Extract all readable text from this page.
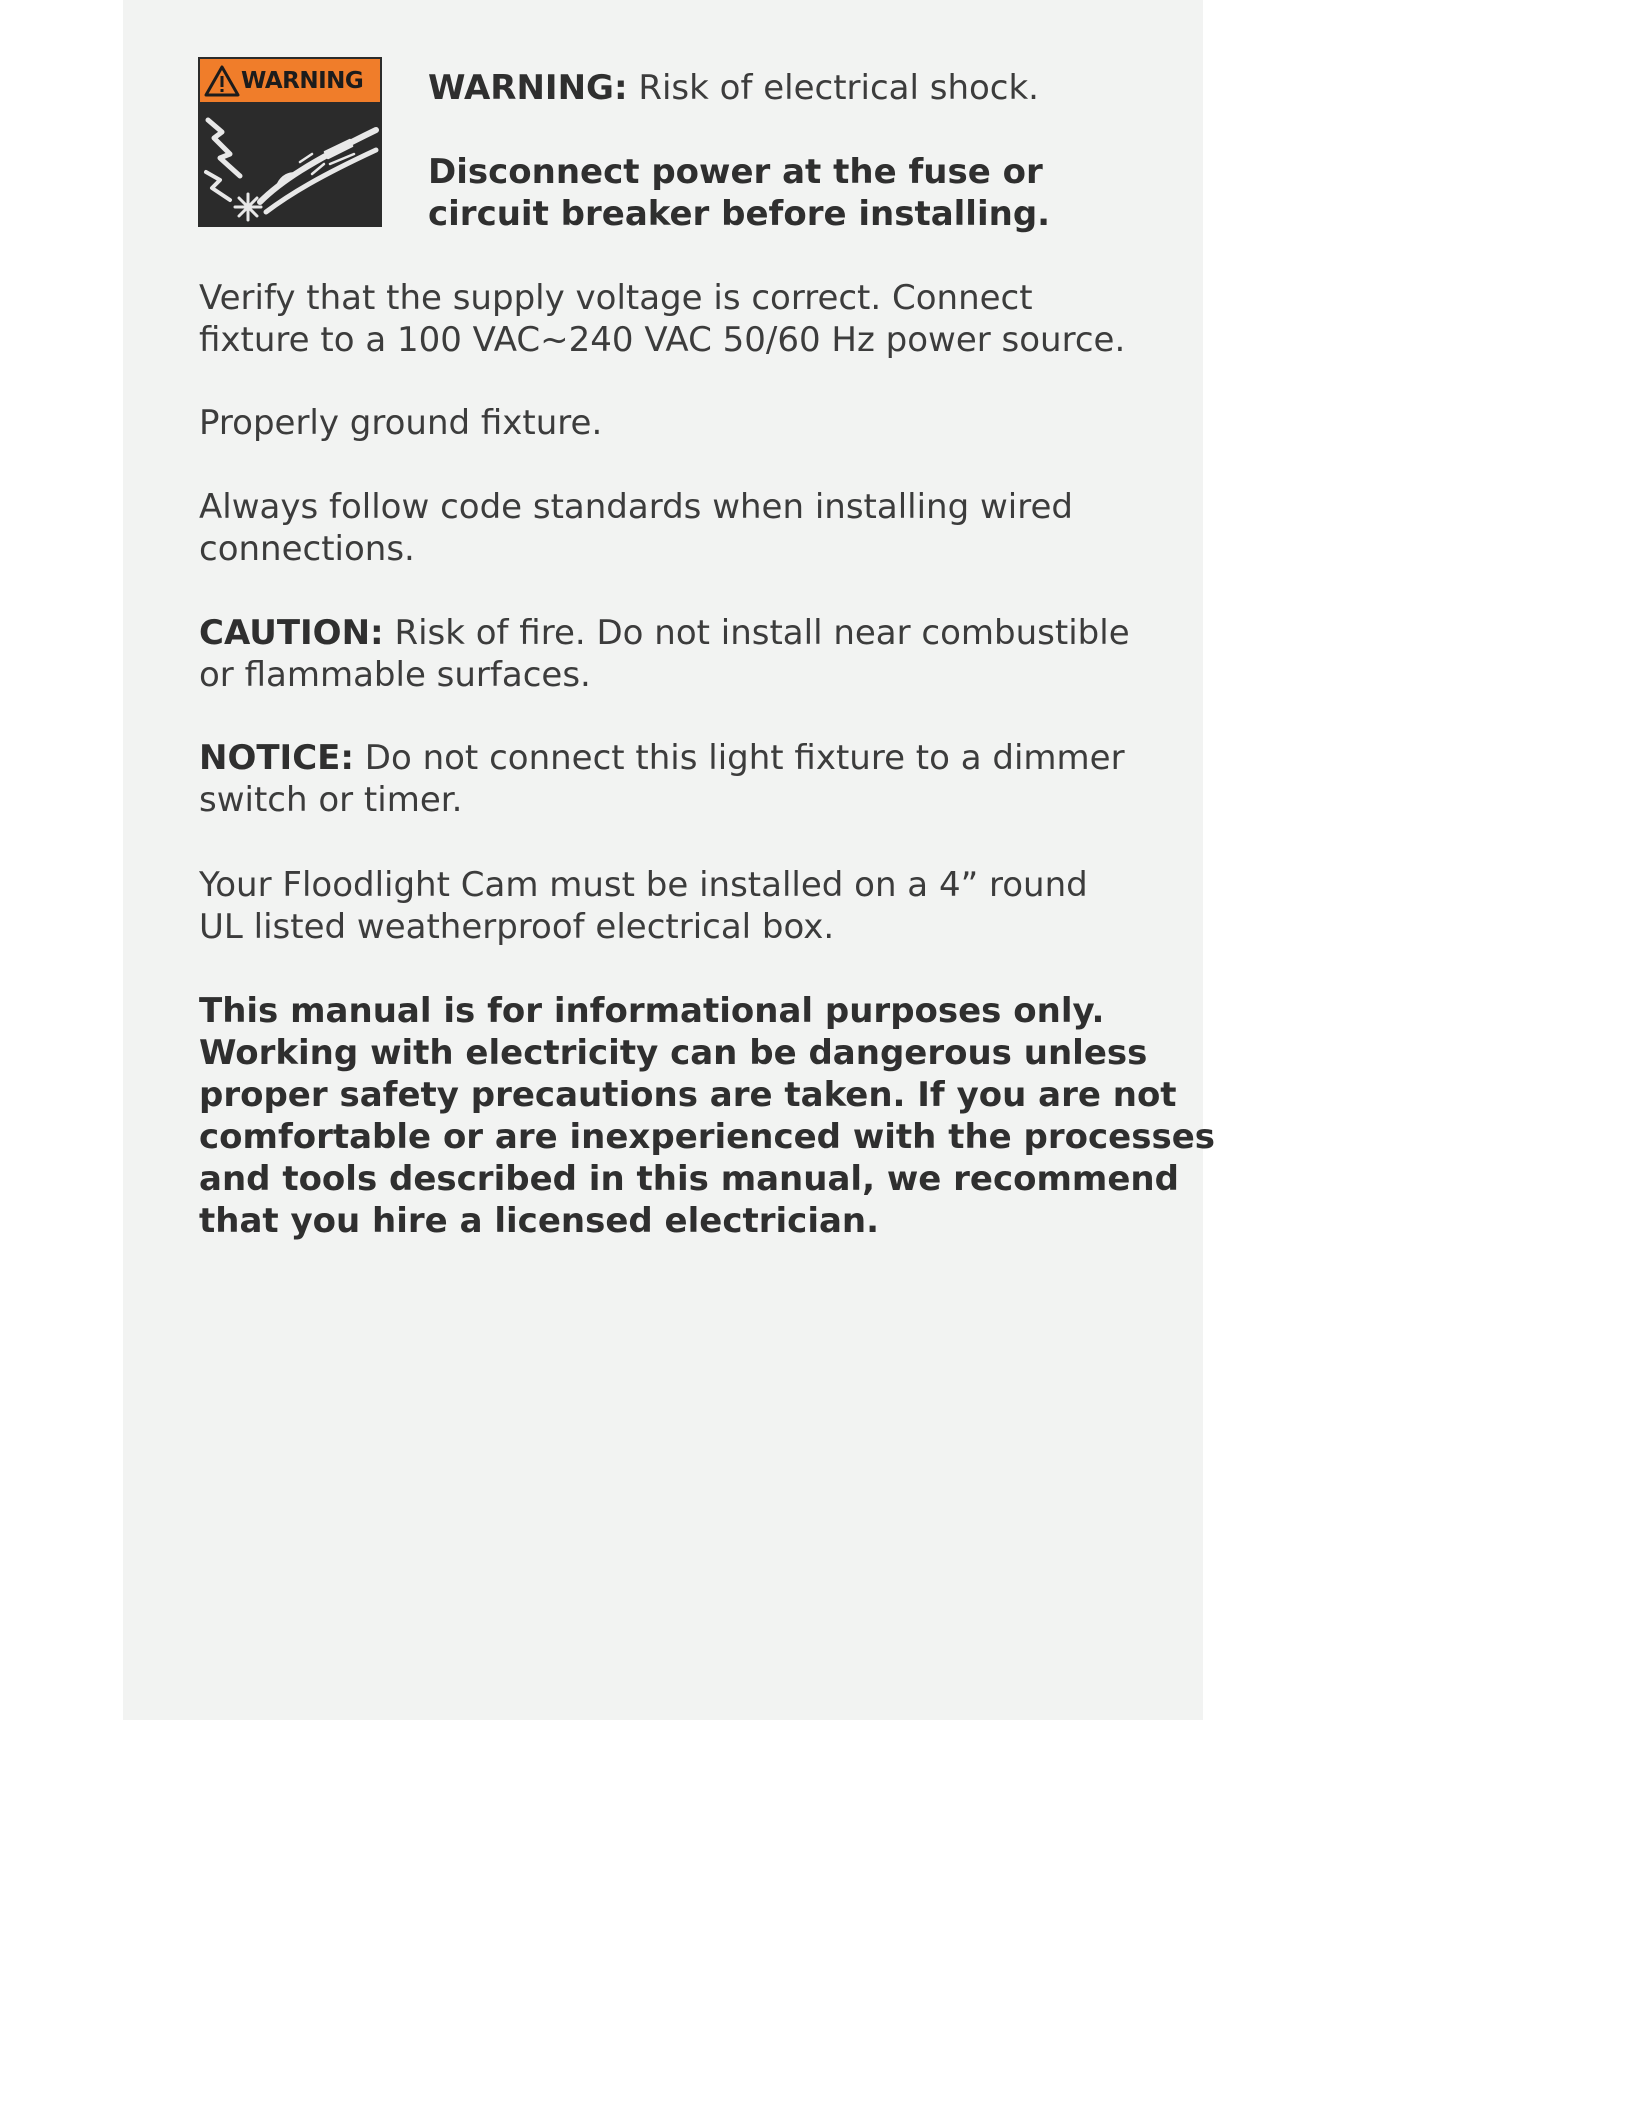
WARNING WARNING: Risk of electrical shock.
Disconnect power at the fuse or
circuit breaker before installing.
Verify that the supply voltage is correct. Connect
fixture to a 100 VAC~240 VAC 50/60 Hz power source.
Properly ground fixture.
Always follow code standards when installing wired
connections.
CAUTION: Risk of fire. Do not install near combustible
or flammable surfaces.
NOTICE: Do not connect this light fixture to a dimmer
switch or timer.
Your Floodlight Cam must be installed on a 4” round
UL listed weatherproof electrical box.
This manual is for informational purposes only.
Working with electricity can be dangerous unless
proper safety precautions are taken. If you are not
comfortable or are inexperienced with the processes
and tools described in this manual, we recommend
that you hire a licensed electrician.
